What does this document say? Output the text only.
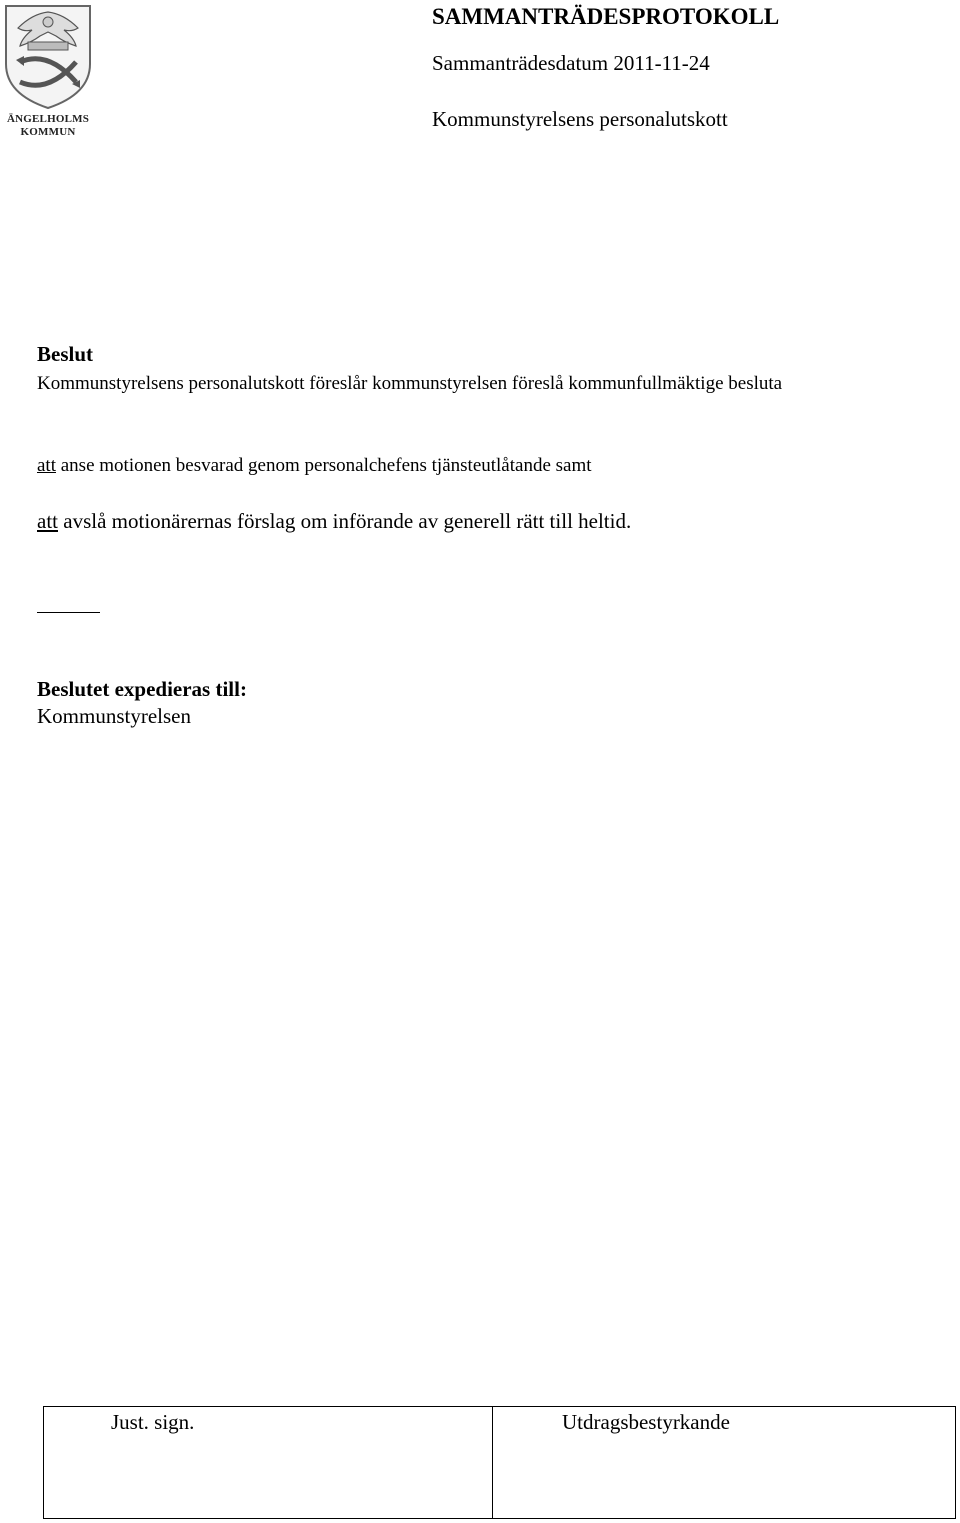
ÄNGELHOLMS
KOMMUN
SAMMANTRÄDESPROTOKOLL
Sammanträdesdatum 2011-11-24
Kommunstyrelsens personalutskott
Beslut
Kommunstyrelsens personalutskott föreslår kommunstyrelsen föreslå kommunfullmäktige besluta
att anse motionen besvarad genom personalchefens tjänsteutlåtande samt
att avslå motionärernas förslag om införande av generell rätt till heltid.
Beslutet expedieras till:
Kommunstyrelsen
Just. sign.	Utdragsbestyrkande
